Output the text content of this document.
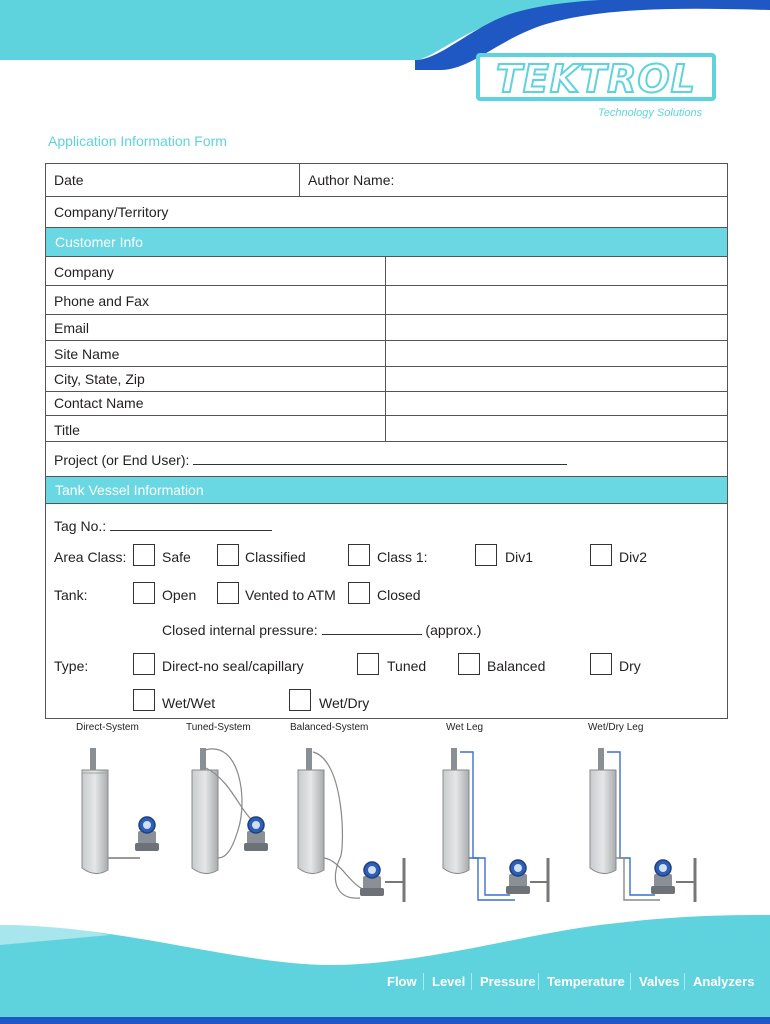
TEKTROL
Technology Solutions
Application Information Form
Date	Author Name:
Company/Territory
Customer Info
Company
Phone and Fax
Email
Site Name
City, State, Zip
Contact Name
Title
Project (or End User):
Tank Vessel Information
Tag No.:
Area Class:	Safe	Classified	Class 1:	Div1	Div2
Tank:	Open	Vented to ATM	Closed
Closed internal pressure:	(approx.)
Type:	Direct-no seal/capillary	Tuned	Balanced	Dry
Wet/Wet	Wet/Dry
Direct-System	Tuned-System	Balanced-System	Wet Leg	Wet/Dry Leg
Flow Level Pressure Temperature Valves Analyzers
